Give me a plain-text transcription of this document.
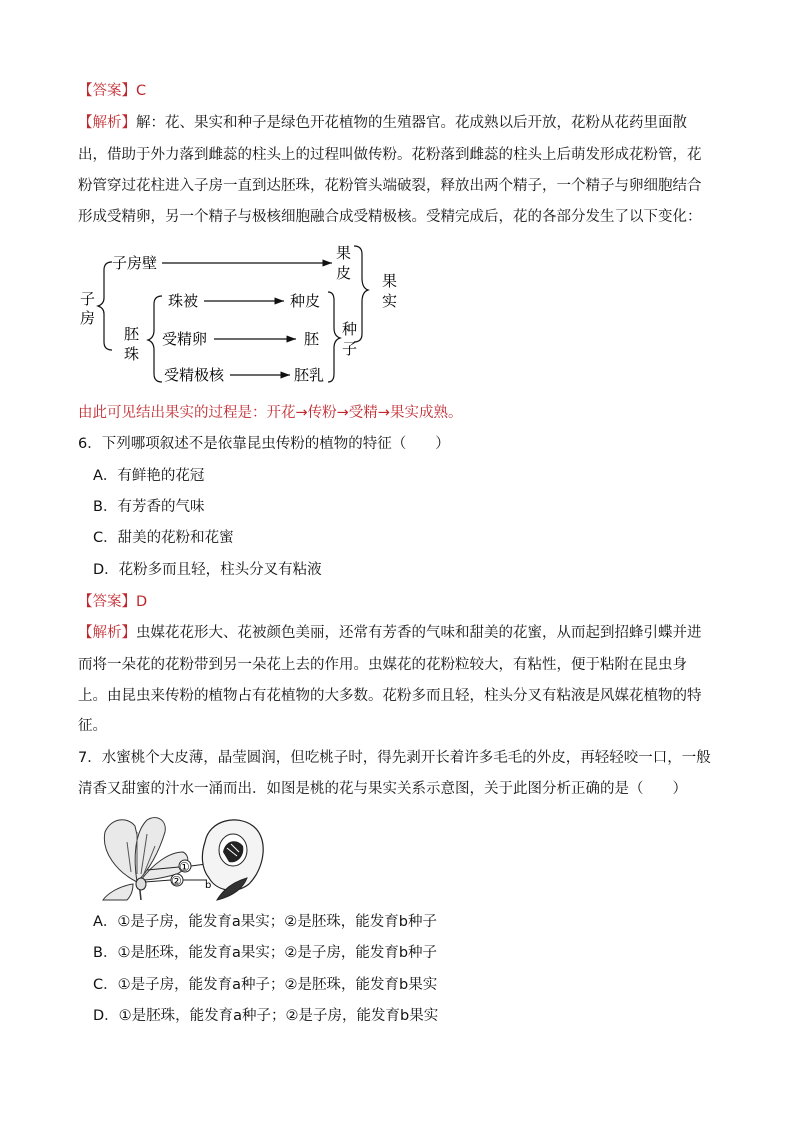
【答案】C
【解析】解：花、果实和种子是绿色开花植物的生殖器官。花成熟以后开放，花粉从花药里面散
出，借助于外力落到雌蕊的柱头上的过程叫做传粉。花粉落到雌蕊的柱头上后萌发形成花粉管，花
粉管穿过花柱进入子房一直到达胚珠，花粉管头端破裂，释放出两个精子，一个精子与卵细胞结合
形成受精卵，另一个精子与极核细胞融合成受精极核。受精完成后，花的各部分发生了以下变化：
子
房
子房壁
果
皮 果
实
胚
珠
珠被	种皮
受精卵	胚
受精极核	胚乳
种
子
由此可见结出果实的过程是：开花→传粉→受精→果实成熟。
6．下列哪项叙述不是依靠昆虫传粉的植物的特征（　　）
A．有鲜艳的花冠
B．有芳香的气味
C．甜美的花粉和花蜜
D．花粉多而且轻，柱头分叉有粘液
【答案】D
【解析】虫媒花花形大、花被颜色美丽，还常有芳香的气味和甜美的花蜜，从而起到招蜂引蝶并进
而将一朵花的花粉带到另一朵花上去的作用。虫媒花的花粉粒较大，有粘性，便于粘附在昆虫身
上。由昆虫来传粉的植物占有花植物的大多数。花粉多而且轻，柱头分叉有粘液是风媒花植物的特
征。
7．水蜜桃个大皮薄，晶莹圆润，但吃桃子时，得先剥开长着许多毛毛的外皮，再轻轻咬一口，一般
清香又甜蜜的汁水一涌而出．如图是桃的花与果实关系示意图，关于此图分析正确的是（　　）
①
② b
A．①是子房，能发育a果实；②是胚珠，能发育b种子
B．①是胚珠，能发育a果实；②是子房，能发育b种子
C．①是子房，能发育a种子；②是胚珠，能发育b果实
D．①是胚珠，能发育a种子；②是子房，能发育b果实
